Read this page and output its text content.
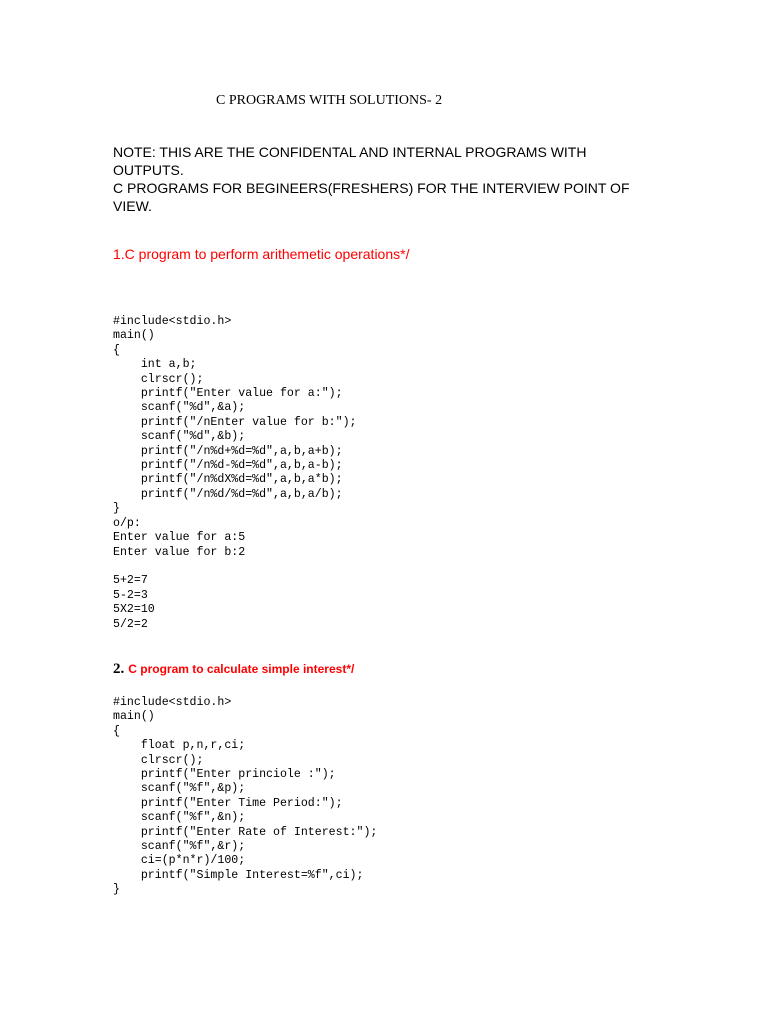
C PROGRAMS WITH SOLUTIONS- 2
NOTE: THIS ARE THE CONFIDENTAL AND INTERNAL PROGRAMS WITH
OUTPUTS.
C PROGRAMS FOR BEGINEERS(FRESHERS) FOR THE INTERVIEW POINT OF
VIEW.
1.C program to perform arithemetic operations*/
#include<stdio.h>
main()
{
int a,b;
clrscr();
printf("Enter value for a:");
scanf("%d",&a);
printf("/nEnter value for b:");
scanf("%d",&b);
printf("/n%d+%d=%d",a,b,a+b);
printf("/n%d-%d=%d",a,b,a-b);
printf("/n%dX%d=%d",a,b,a*b);
printf("/n%d/%d=%d",a,b,a/b);
}
o/p:
Enter value for a:5
Enter value for b:2

5+2=7
5-2=3
5X2=10
5/2=2
2. C program to calculate simple interest*/
#include<stdio.h>
main()
{
float p,n,r,ci;
clrscr();
printf("Enter princiole :");
scanf("%f",&p);
printf("Enter Time Period:");
scanf("%f",&n);
printf("Enter Rate of Interest:");
scanf("%f",&r);
ci=(p*n*r)/100;
printf("Simple Interest=%f",ci);
}
